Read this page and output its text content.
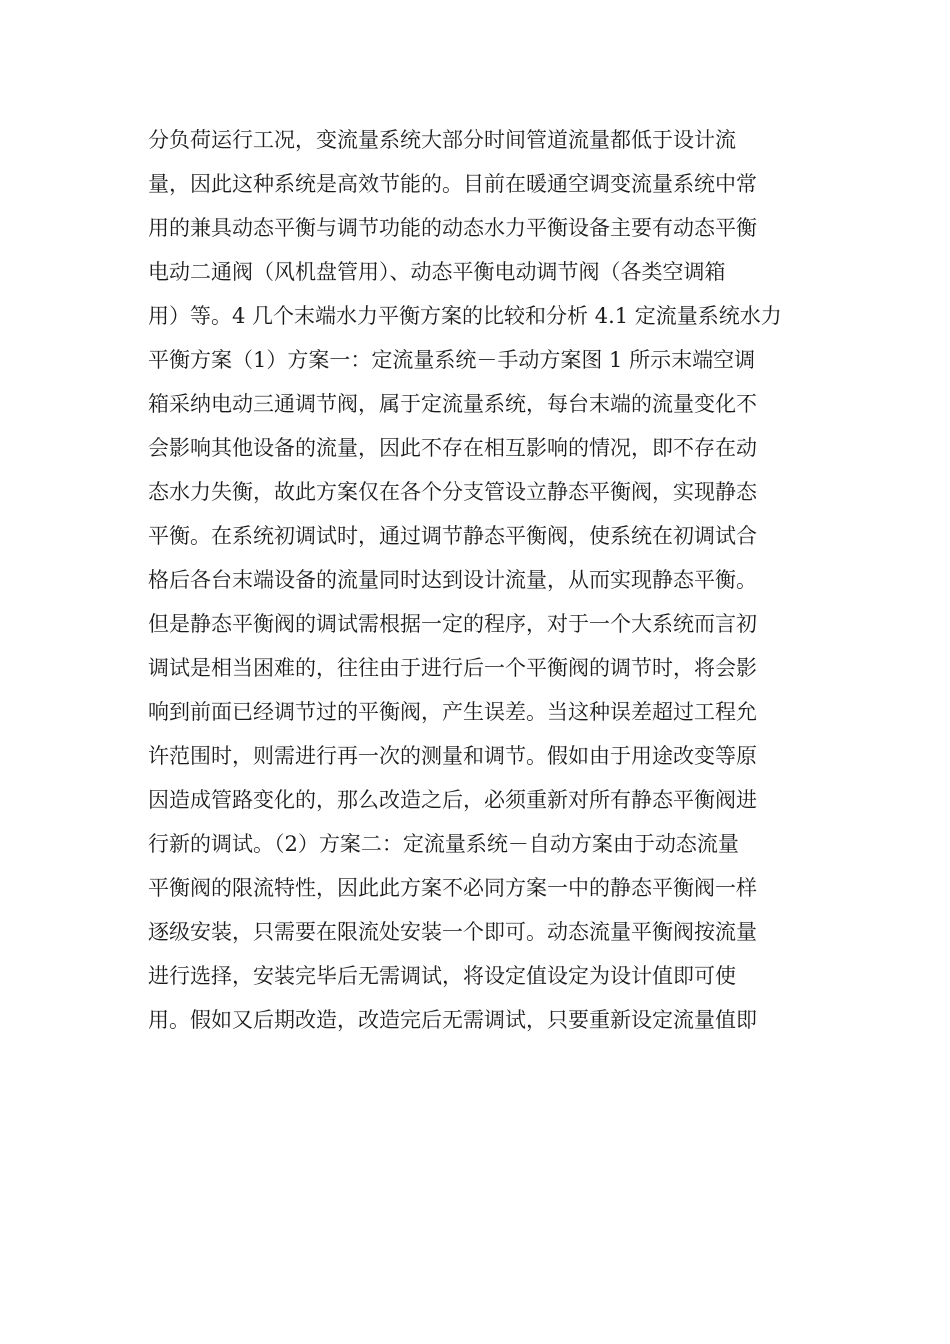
分负荷运行工况，变流量系统大部分时间管道流量都低于设计流
量，因此这种系统是高效节能的。目前在暖通空调变流量系统中常
用的兼具动态平衡与调节功能的动态水力平衡设备主要有动态平衡
电动二通阀（风机盘管用）、动态平衡电动调节阀（各类空调箱
用）等。4 几个末端水力平衡方案的比较和分析 4.1 定流量系统水力
平衡方案（1）方案一：定流量系统－手动方案图 1 所示末端空调
箱采纳电动三通调节阀，属于定流量系统，每台末端的流量变化不
会影响其他设备的流量，因此不存在相互影响的情况，即不存在动
态水力失衡，故此方案仅在各个分支管设立静态平衡阀，实现静态
平衡。在系统初调试时，通过调节静态平衡阀，使系统在初调试合
格后各台末端设备的流量同时达到设计流量，从而实现静态平衡。
但是静态平衡阀的调试需根据一定的程序，对于一个大系统而言初
调试是相当困难的，往往由于进行后一个平衡阀的调节时，将会影
响到前面已经调节过的平衡阀，产生误差。当这种误差超过工程允
许范围时，则需进行再一次的测量和调节。假如由于用途改变等原
因造成管路变化的，那么改造之后，必须重新对所有静态平衡阀进
行新的调试。（2）方案二：定流量系统－自动方案由于动态流量
平衡阀的限流特性，因此此方案不必同方案一中的静态平衡阀一样
逐级安装，只需要在限流处安装一个即可。动态流量平衡阀按流量
进行选择，安装完毕后无需调试，将设定值设定为设计值即可使
用。假如又后期改造，改造完后无需调试，只要重新设定流量值即
